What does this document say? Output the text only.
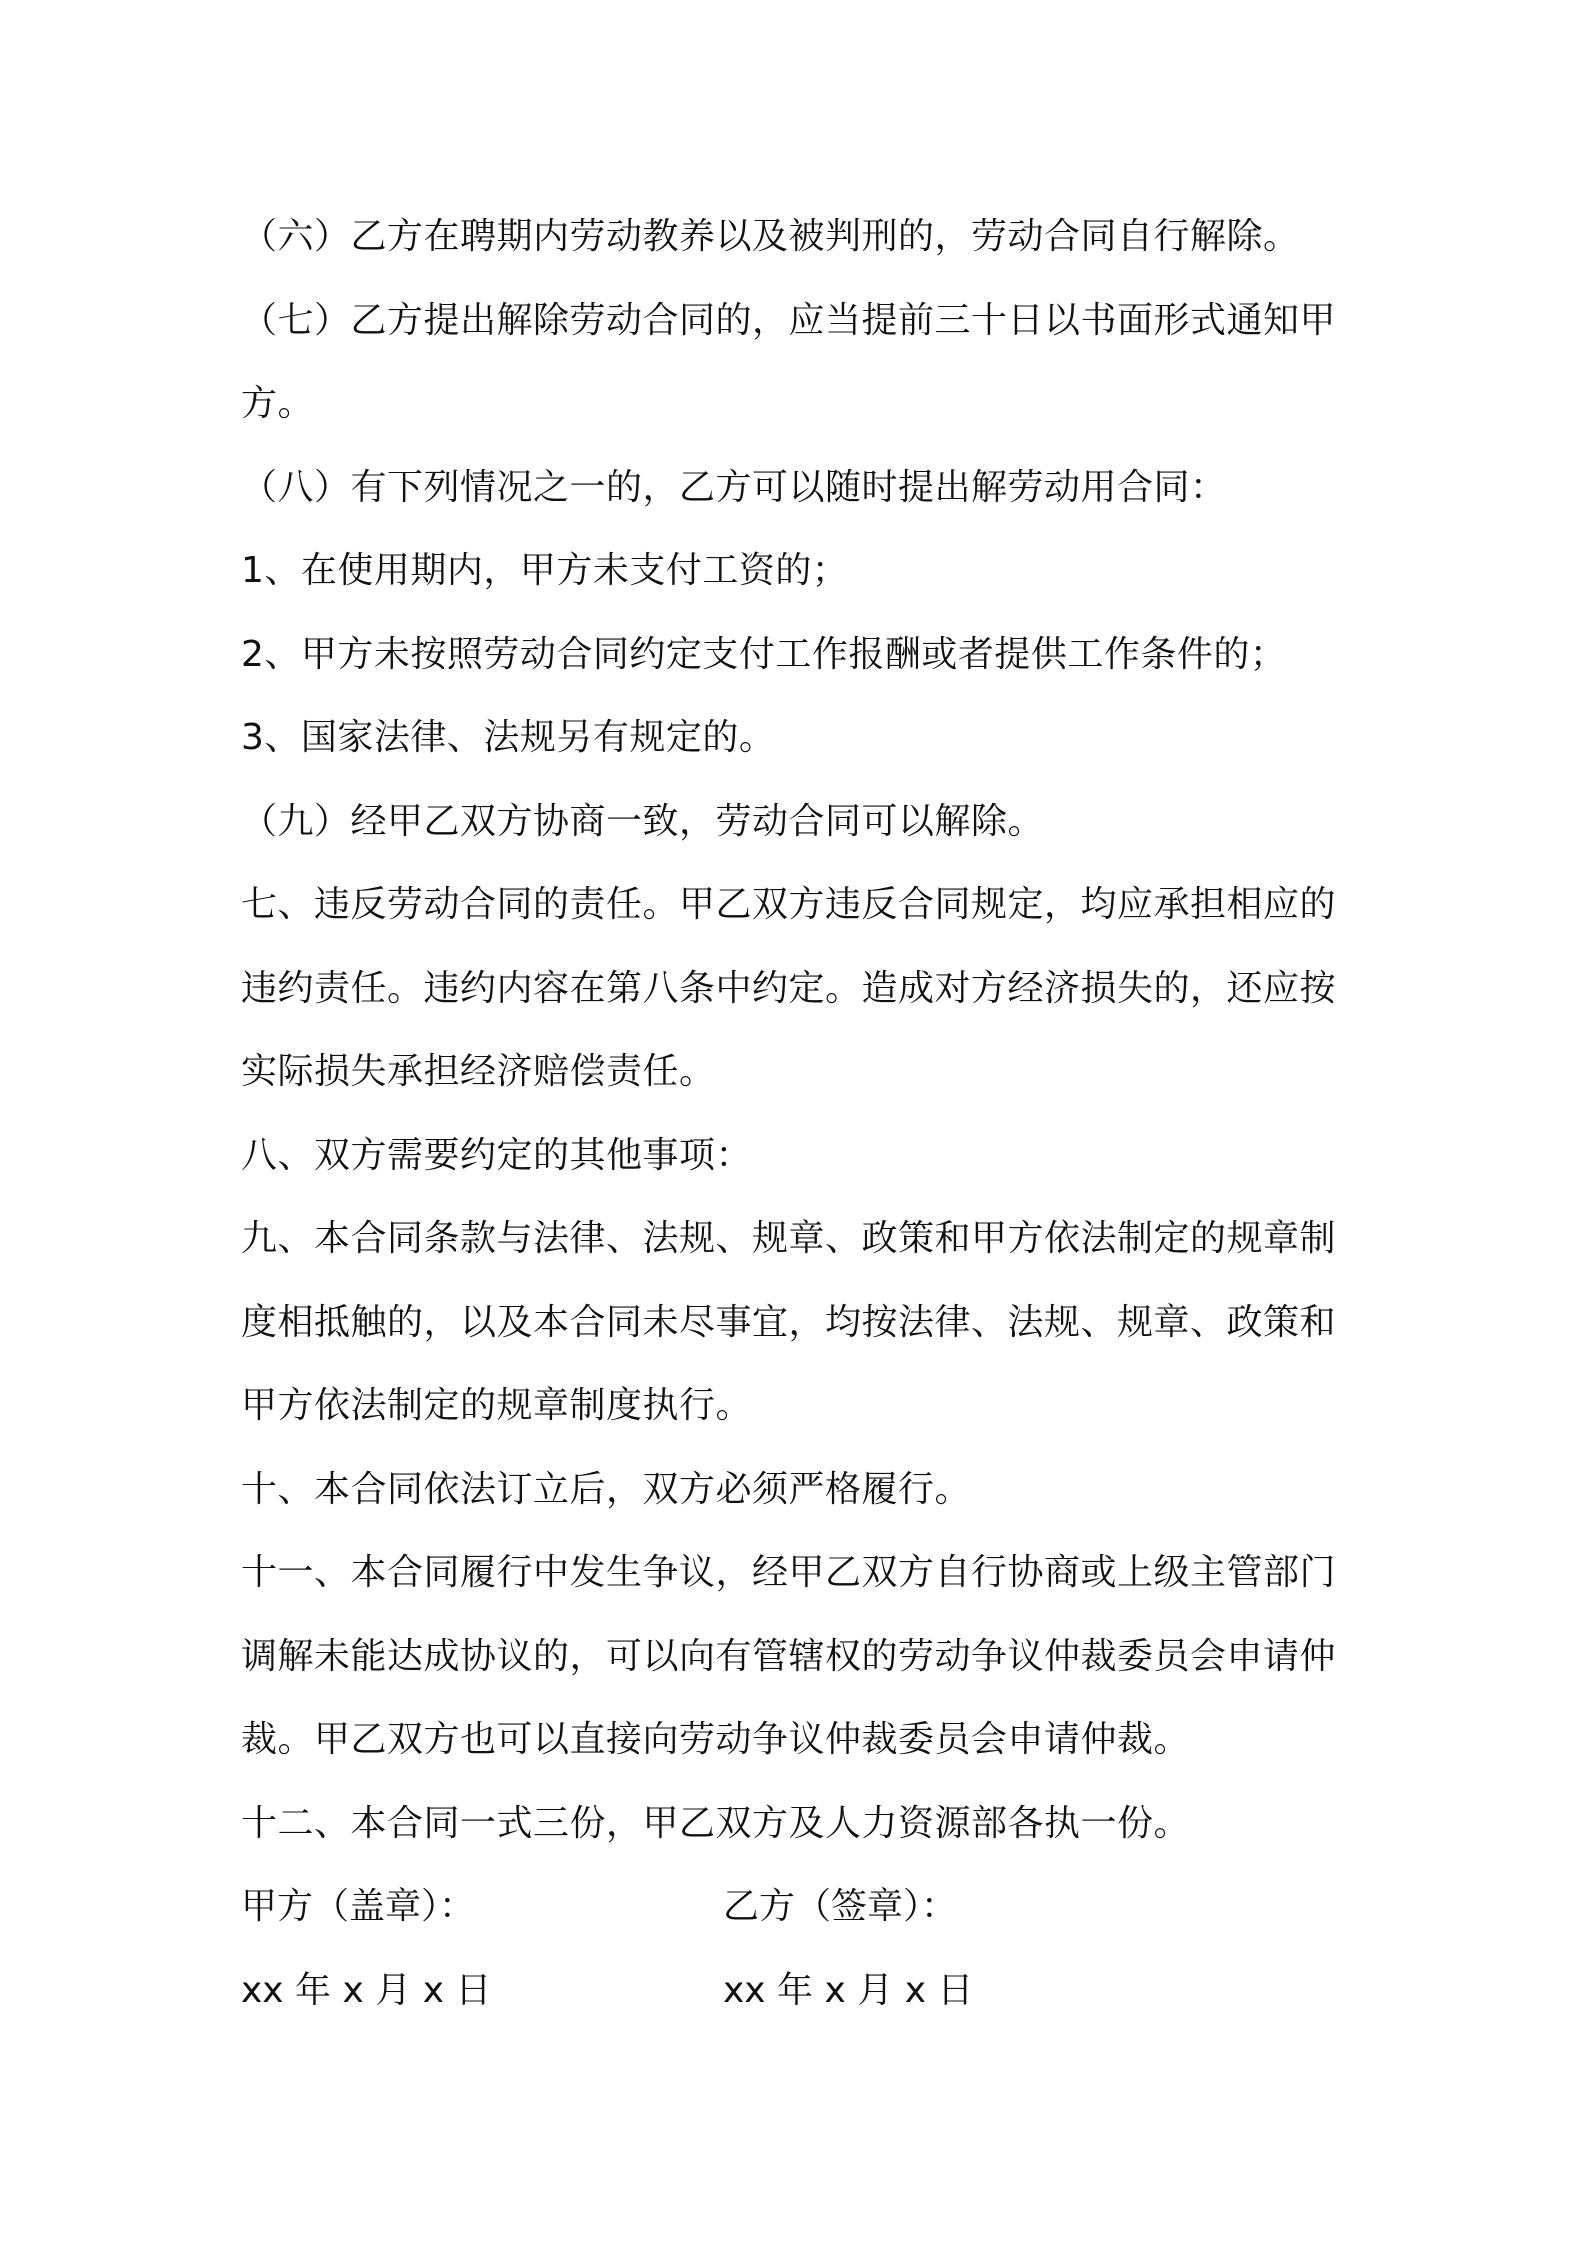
（六）乙方在聘期内劳动教养以及被判刑的，劳动合同自行解除。

（七）乙方提出解除劳动合同的，应当提前三十日以书面形式通知甲

方。

（八）有下列情况之一的，乙方可以随时提出解劳动用合同：

1、在使用期内，甲方未支付工资的；

2、甲方未按照劳动合同约定支付工作报酬或者提供工作条件的；

3、国家法律、法规另有规定的。

（九）经甲乙双方协商一致，劳动合同可以解除。

七、违反劳动合同的责任。甲乙双方违反合同规定，均应承担相应的

违约责任。违约内容在第八条中约定。造成对方经济损失的，还应按

实际损失承担经济赔偿责任。

八、双方需要约定的其他事项：

九、本合同条款与法律、法规、规章、政策和甲方依法制定的规章制

度相抵触的，以及本合同未尽事宜，均按法律、法规、规章、政策和

甲方依法制定的规章制度执行。

十、本合同依法订立后，双方必须严格履行。

十一、本合同履行中发生争议，经甲乙双方自行协商或上级主管部门

调解未能达成协议的，可以向有管辖权的劳动争议仲裁委员会申请仲

裁。甲乙双方也可以直接向劳动争议仲裁委员会申请仲裁。

十二、本合同一式三份，甲乙双方及人力资源部各执一份。

甲方（盖章）：	乙方（签章）：
xx 年 x 月 x 日	xx 年 x 月 x 日
